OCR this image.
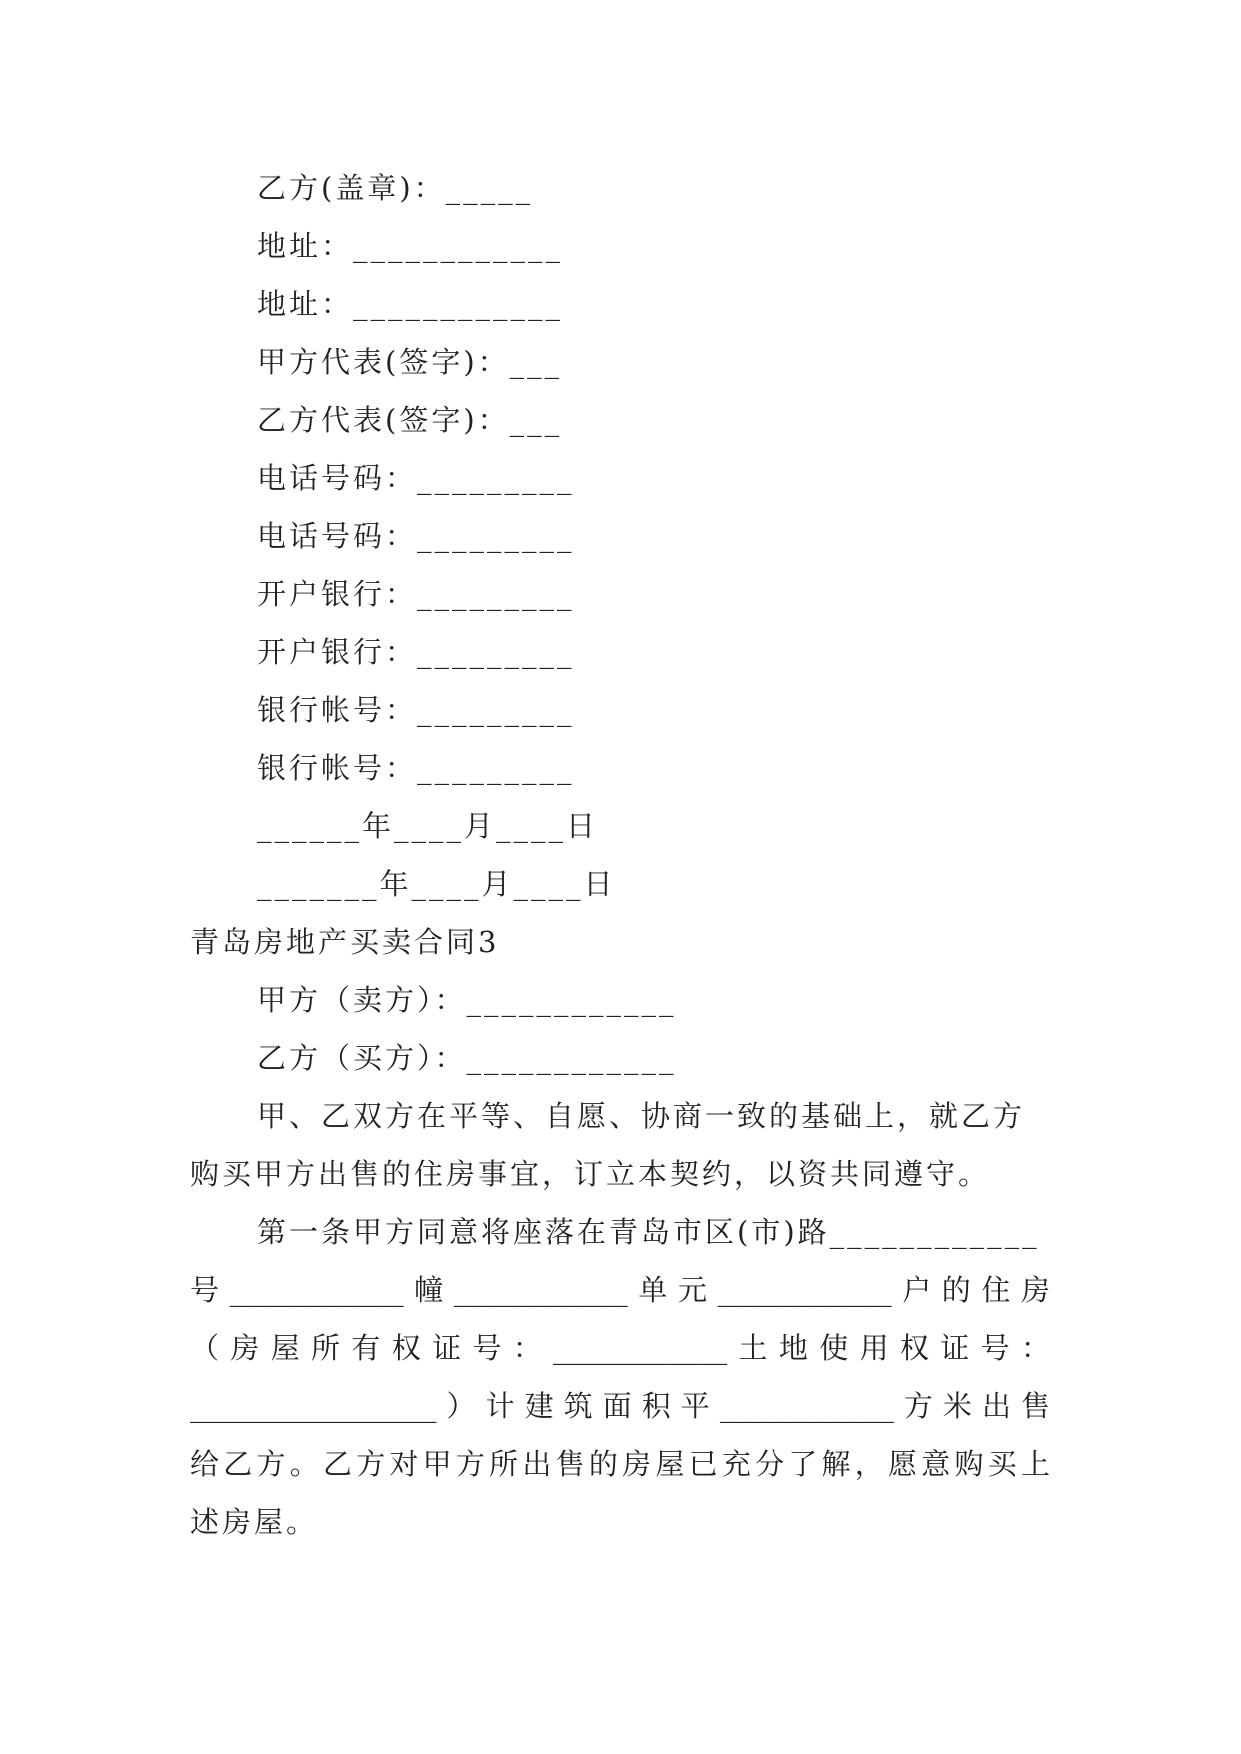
乙方(盖章)：_____
地址：____________
地址：____________
甲方代表(签字)：___
乙方代表(签字)：___
电话号码：_________
电话号码：_________
开户银行：_________
开户银行：_________
银行帐号：_________
银行帐号：_________
______年____月____日
_______年____月____日
青岛房地产买卖合同3
甲方（卖方）：____________
乙方（买方）：____________
甲、乙双方在平等、自愿、协商一致的基础上，就乙方
购买甲方出售的住房事宜，订立本契约，以资共同遵守。
第一条甲方同意将座落在青岛市区(市)路____________
号____________幢____________单元____________户的住房
（房屋所有权证号：____________土地使用权证号：
_________________）计建筑面积平____________方米出售
给乙方。乙方对甲方所出售的房屋已充分了解，愿意购买上
述房屋。
